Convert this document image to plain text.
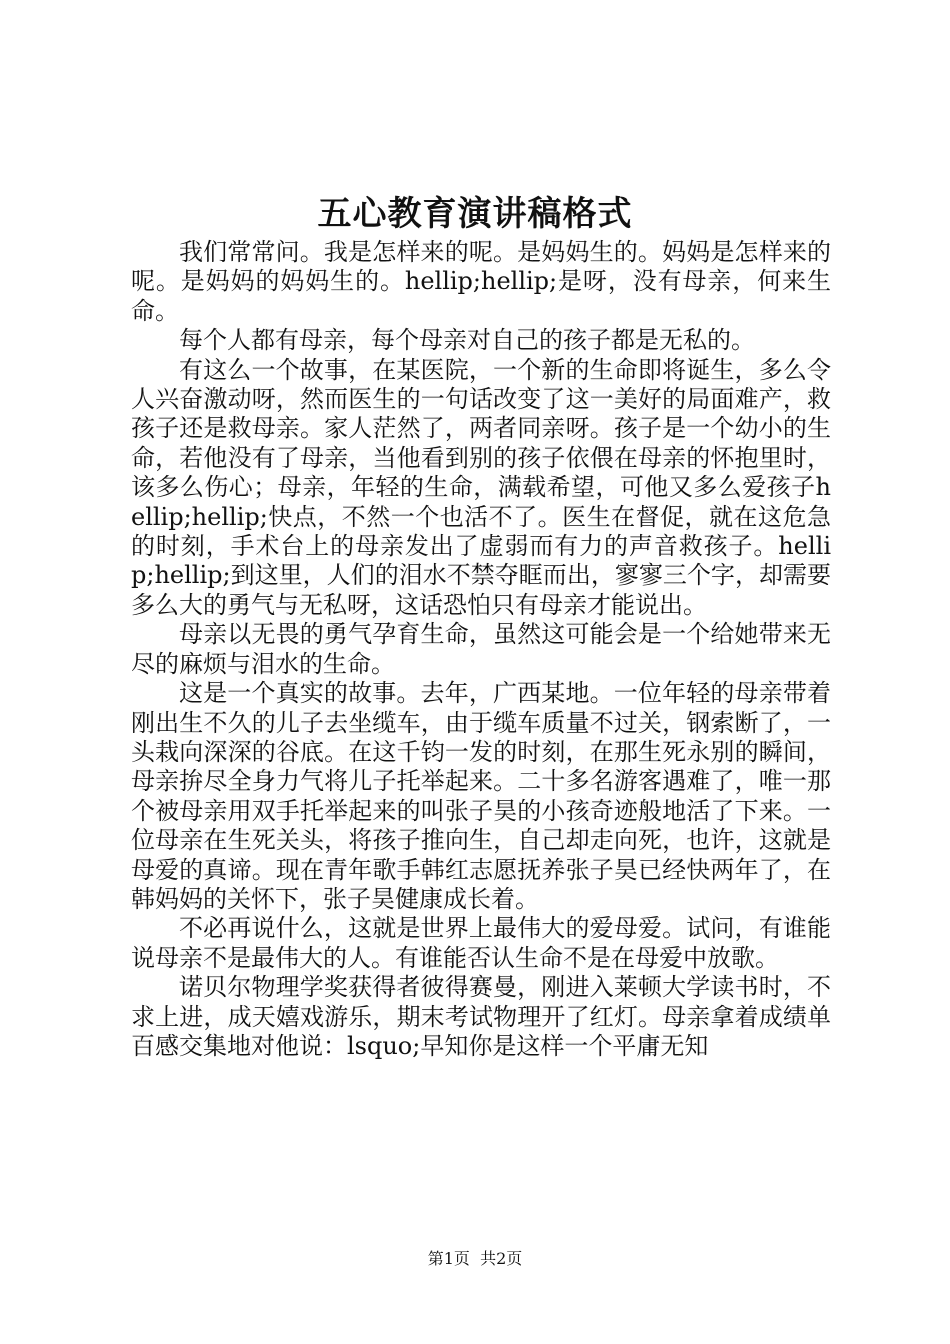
五心教育演讲稿格式

我们常常问。我是怎样来的呢。是妈妈生的。妈妈是怎样来的呢。是妈妈的妈妈生的。hellip;hellip;是呀，没有母亲，何来生命。

每个人都有母亲，每个母亲对自己的孩子都是无私的。

有这么一个故事，在某医院，一个新的生命即将诞生，多么令人兴奋激动呀，然而医生的一句话改变了这一美好的局面难产，救孩子还是救母亲。家人茫然了，两者同亲呀。孩子是一个幼小的生命，若他没有了母亲，当他看到别的孩子依偎在母亲的怀抱里时，该多么伤心；母亲，年轻的生命，满载希望，可他又多么爱孩子hellip;hellip;快点，不然一个也活不了。医生在督促，就在这危急的时刻，手术台上的母亲发出了虚弱而有力的声音救孩子。hellip;hellip;到这里，人们的泪水不禁夺眶而出，寥寥三个字，却需要多么大的勇气与无私呀，这话恐怕只有母亲才能说出。

母亲以无畏的勇气孕育生命，虽然这可能会是一个给她带来无尽的麻烦与泪水的生命。

这是一个真实的故事。去年，广西某地。一位年轻的母亲带着刚出生不久的儿子去坐缆车，由于缆车质量不过关，钢索断了，一头栽向深深的谷底。在这千钧一发的时刻，在那生死永别的瞬间，母亲拚尽全身力气将儿子托举起来。二十多名游客遇难了，唯一那个被母亲用双手托举起来的叫张子昊的小孩奇迹般地活了下来。一位母亲在生死关头，将孩子推向生，自己却走向死，也许，这就是母爱的真谛。现在青年歌手韩红志愿抚养张子昊已经快两年了，在韩妈妈的关怀下，张子昊健康成长着。

不必再说什么，这就是世界上最伟大的爱母爱。试问，有谁能说母亲不是最伟大的人。有谁能否认生命不是在母爱中放歌。

诺贝尔物理学奖获得者彼得赛曼，刚进入莱顿大学读书时，不求上进，成天嬉戏游乐，期末考试物理开了红灯。母亲拿着成绩单百感交集地对他说：lsquo;早知你是这样一个平庸无知

第1页  共2页
